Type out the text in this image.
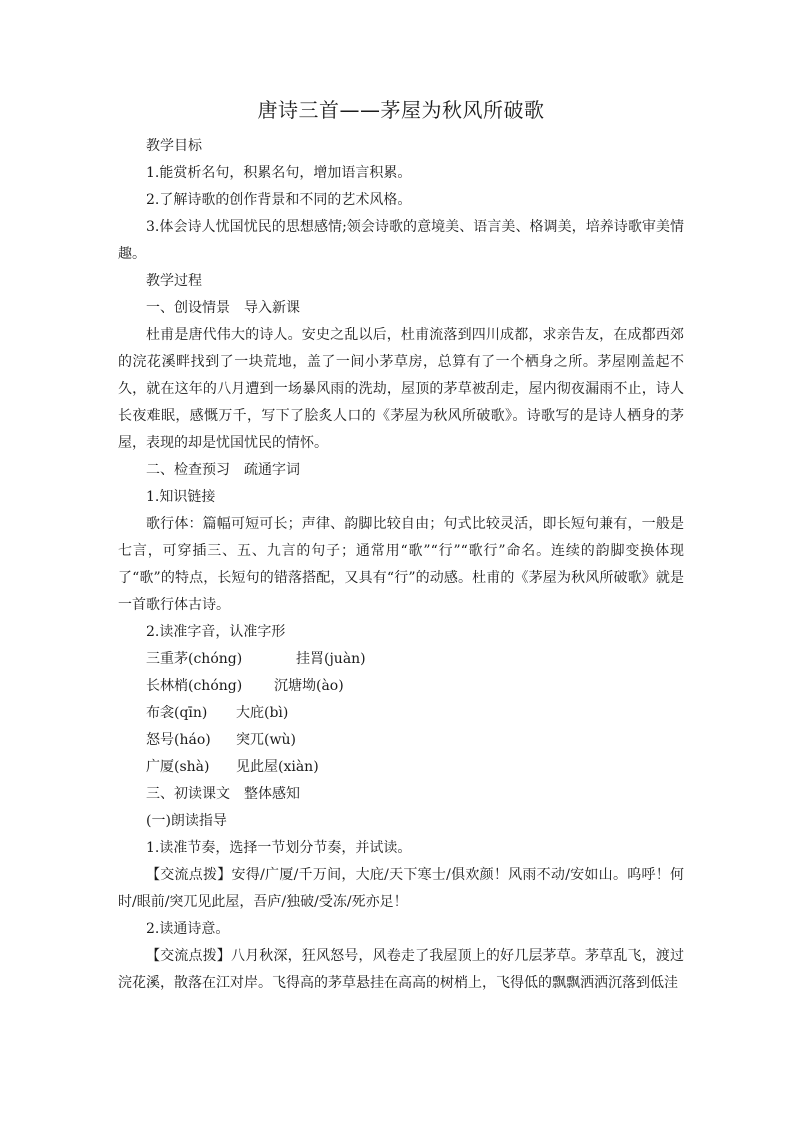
唐诗三首——茅屋为秋风所破歌
教学目标
1.能赏析名句，积累名句，增加语言积累。
2.了解诗歌的创作背景和不同的艺术风格。
3.体会诗人忧国忧民的思想感情;领会诗歌的意境美、语言美、格调美，培养诗歌审美情趣。
教学过程
一、创设情景　导入新课
杜甫是唐代伟大的诗人。安史之乱以后，杜甫流落到四川成都，求亲告友，在成都西郊的浣花溪畔找到了一块荒地，盖了一间小茅草房，总算有了一个栖身之所。茅屋刚盖起不久，就在这年的八月遭到一场暴风雨的洗劫，屋顶的茅草被刮走，屋内彻夜漏雨不止，诗人长夜难眠，感慨万千，写下了脍炙人口的《茅屋为秋风所破歌》。诗歌写的是诗人栖身的茅屋，表现的却是忧国忧民的情怀。
二、检查预习　疏通字词
1.知识链接
歌行体：篇幅可短可长；声律、韵脚比较自由；句式比较灵活，即长短句兼有，一般是七言，可穿插三、五、九言的句子；通常用“歌”“行”“歌行”命名。连续的韵脚变换体现了“歌”的特点，长短句的错落搭配，又具有“行”的动感。杜甫的《茅屋为秋风所破歌》就是一首歌行体古诗。
2.读准字音，认准字形
三重茅(chóng)	挂罥(juàn)
长林梢(chóng)	沉塘坳(ào)
布衾(qīn)	大庇(bì)
怒号(háo)	突兀(wù)
广厦(shà)	见此屋(xiàn)
三、初读课文　整体感知
(一)朗读指导
1.读准节奏，选择一节划分节奏，并试读。
【交流点拨】安得/广厦/千万间，大庇/天下寒士/俱欢颜！风雨不动/安如山。呜呼！何时/眼前/突兀见此屋，吾庐/独破/受冻/死亦足！
2.读通诗意。
【交流点拨】八月秋深，狂风怒号，风卷走了我屋顶上的好几层茅草。茅草乱飞，渡过浣花溪，散落在江对岸。飞得高的茅草悬挂在高高的树梢上，飞得低的飘飘洒洒沉落到低洼
